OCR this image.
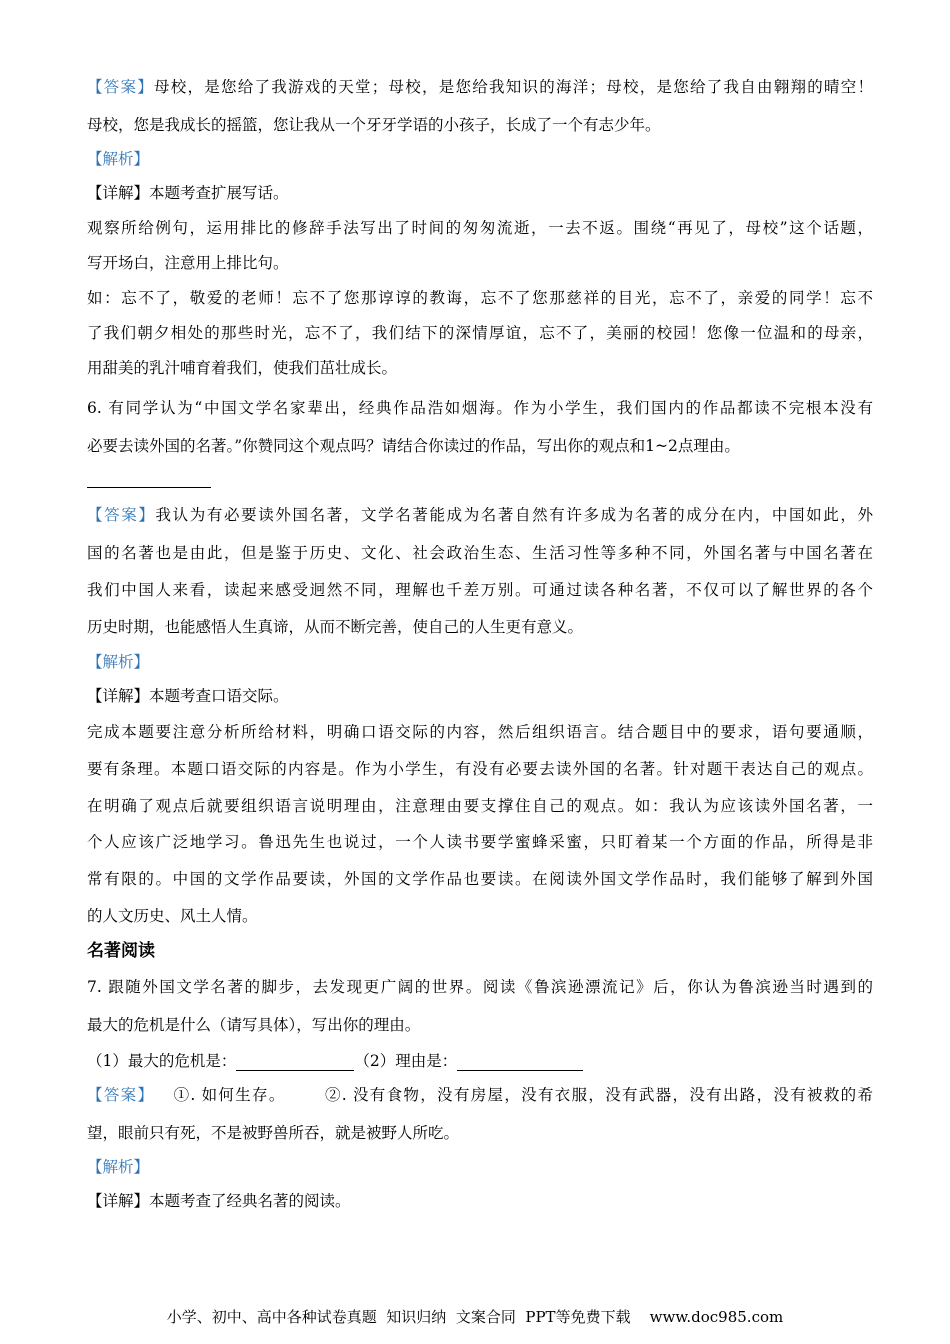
【答案】母校，是您给了我游戏的天堂；母校，是您给我知识的海洋；母校，是您给了我自由翱翔的晴空！
母校，您是我成长的摇篮，您让我从一个牙牙学语的小孩子，长成了一个有志少年。
【解析】
【详解】本题考查扩展写话。
观察所给例句，运用排比的修辞手法写出了时间的匆匆流逝，一去不返。围绕“再见了，母校”这个话题，
写开场白，注意用上排比句。
如：忘不了，敬爱的老师！忘不了您那谆谆的教诲，忘不了您那慈祥的目光，忘不了，亲爱的同学！忘不
了我们朝夕相处的那些时光，忘不了，我们结下的深情厚谊，忘不了，美丽的校园！您像一位温和的母亲，
用甜美的乳汁哺育着我们，使我们茁壮成长。
6. 有同学认为“中国文学名家辈出，经典作品浩如烟海。作为小学生，我们国内的作品都读不完根本没有
必要去读外国的名著。”你赞同这个观点吗？请结合你读过的作品，写出你的观点和1~2点理由。
【答案】我认为有必要读外国名著，文学名著能成为名著自然有许多成为名著的成分在内，中国如此，外
国的名著也是由此，但是鉴于历史、文化、社会政治生态、生活习性等多种不同，外国名著与中国名著在
我们中国人来看，读起来感受迥然不同，理解也千差万别。可通过读各种名著，不仅可以了解世界的各个
历史时期，也能感悟人生真谛，从而不断完善，使自己的人生更有意义。
【解析】
【详解】本题考查口语交际。
完成本题要注意分析所给材料，明确口语交际的内容，然后组织语言。结合题目中的要求，语句要通顺，
要有条理。本题口语交际的内容是。作为小学生，有没有必要去读外国的名著。针对题干表达自己的观点。
在明确了观点后就要组织语言说明理由，注意理由要支撑住自己的观点。如：我认为应该读外国名著，一
个人应该广泛地学习。鲁迅先生也说过，一个人读书要学蜜蜂采蜜，只盯着某一个方面的作品，所得是非
常有限的。中国的文学作品要读，外国的文学作品也要读。在阅读外国文学作品时，我们能够了解到外国
的人文历史、风土人情。
名著阅读
7. 跟随外国文学名著的脚步，去发现更广阔的世界。阅读《鲁滨逊漂流记》后，你认为鲁滨逊当时遇到的
最大的危机是什么（请写具体），写出你的理由。
（1）最大的危机是：	（2）理由是：
【答案】 ①. 如何生存。 ②. 没有食物，没有房屋，没有衣服，没有武器，没有出路，没有被救的希
望，眼前只有死，不是被野兽所吞，就是被野人所吃。
【解析】
【详解】本题考查了经典名著的阅读。
小学、初中、高中各种试卷真题  知识归纳  文案合同  PPT等免费下载    www.doc985.com
